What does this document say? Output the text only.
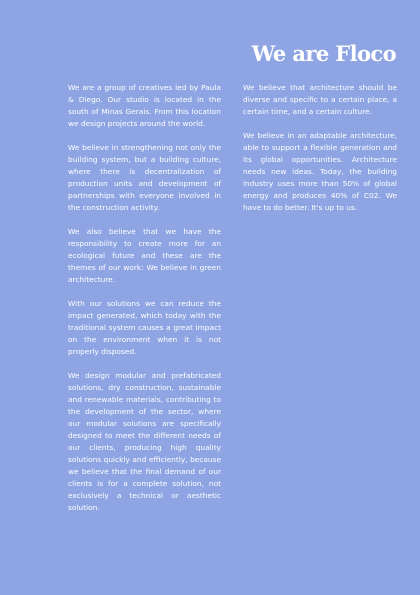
We are Floco

We are a group of creatives led by Paula & Diego. Our studio is located in the south of Minas Gerais. From this location we design projects around the world.

We believe in strengthening not only the building system, but a building culture, where there is decentralization of production units and development of partnerships with everyone involved in the construction activity.

We also believe that we have the responsibility to create more for an ecological future and these are the themes of our work: We believe in green architecture.

With our solutions we can reduce the impact generated, which today with the traditional system causes a great impact on the environment when it is not properly disposed.

We design modular and prefabricated solutions, dry construction, sustainable and renewable materials, contributing to the development of the sector, where our modular solutions are specifically designed to meet the different needs of our clients, producing high quality solutions quickly and efficiently, because we believe that the final demand of our clients is for a complete solution, not exclusively a technical or aesthetic solution.

We believe that architecture should be diverse and specific to a certain place, a certain time, and a certain culture.

We believe in an adaptable architecture, able to support a flexible generation and its global opportunities. Architecture needs new ideas. Today, the building industry uses more than 50% of global energy and produces 40% of C02. We have to do better. It's up to us.
